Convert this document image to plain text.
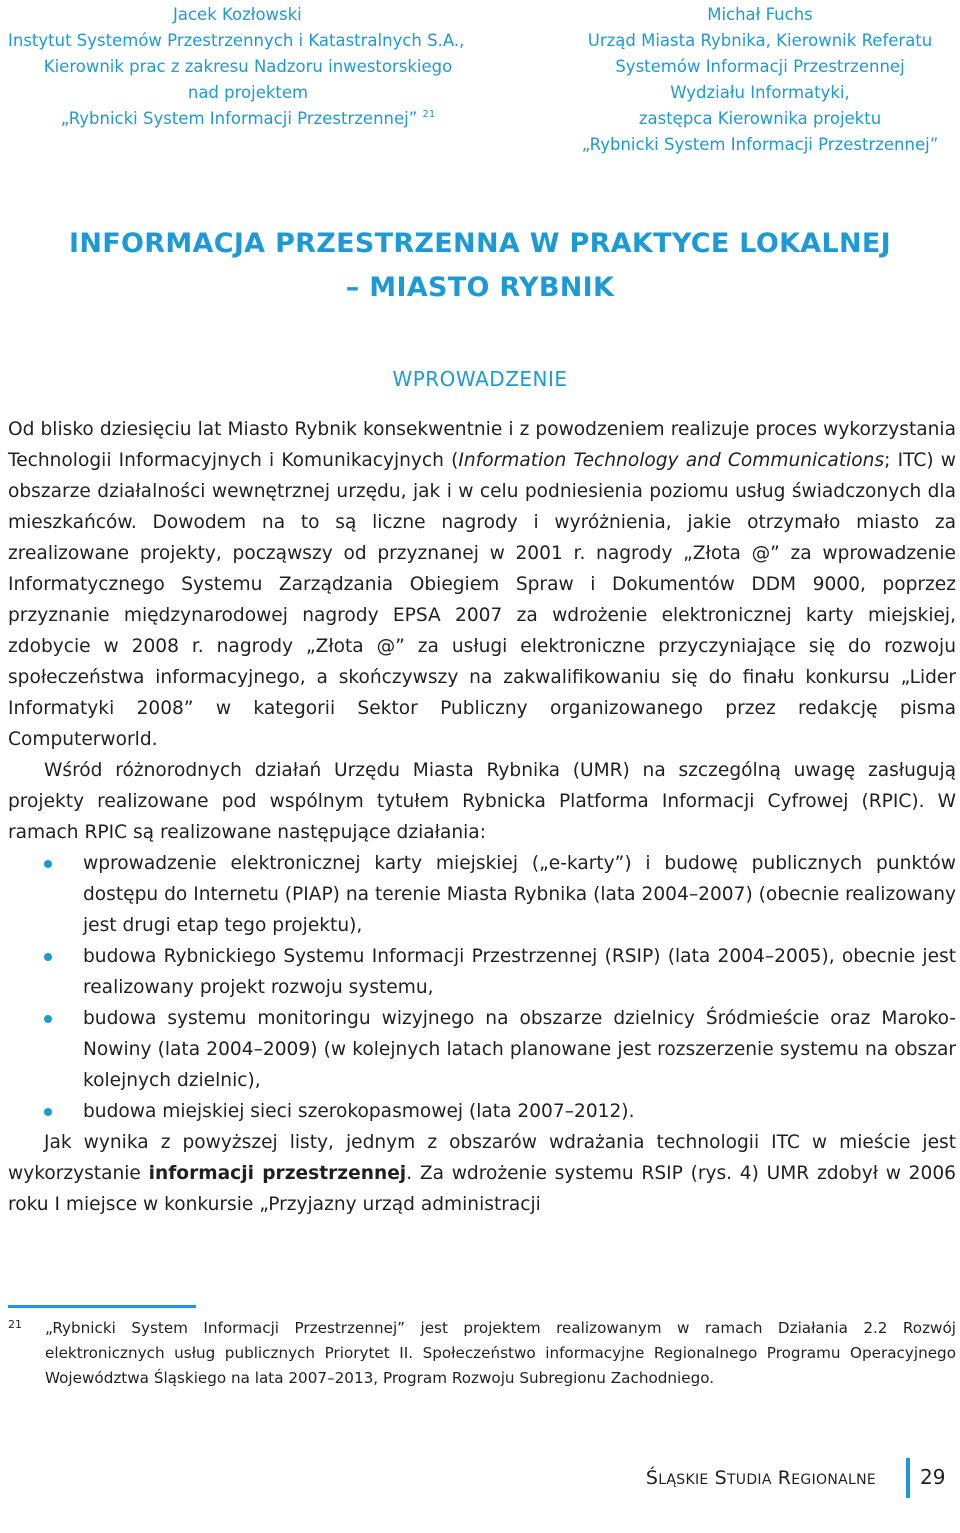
Jacek Kozłowski
Instytut Systemów Przestrzennych i Katastralnych S.A.,
Kierownik prac z zakresu Nadzoru inwestorskiego
nad projektem
„Rybnicki System Informacji Przestrzennej” $^{21}$
Michał Fuchs
Urząd Miasta Rybnika, Kierownik Referatu
Systemów Informacji Przestrzennej
Wydziału Informatyki,
zastępca Kierownika projektu
„Rybnicki System Informacji Przestrzennej”
INFORMACJA PRZESTRZENNA W PRAKTYCE LOKALNEJ
– MIASTO RYBNIK
WPROWADZENIE

Od blisko dziesięciu lat Miasto Rybnik konsekwentnie i z powodzeniem realizuje proces wykorzystania Technologii Informacyjnych i Komunikacyjnych (Information Technology and Communications; ITC) w obszarze działalności wewnętrznej urzędu, jak i w celu podniesienia poziomu usług świadczonych dla mieszkańców. Dowodem na to są liczne nagrody i wyróżnienia, jakie otrzymało miasto za zrealizowane projekty, począwszy od przyznanej w 2001 r. nagrody „Złota @” za wprowadzenie Informatycznego Systemu Zarządzania Obiegiem Spraw i Dokumentów DDM 9000, poprzez przyznanie międzynarodowej nagrody EPSA 2007 za wdrożenie elektronicznej karty miejskiej, zdobycie w 2008 r. nagrody „Złota @” za usługi elektroniczne przyczyniające się do rozwoju społeczeństwa informacyjnego, a skończywszy na zakwalifikowaniu się do finału konkursu „Lider Informatyki 2008” w kategorii Sektor Publiczny organizowanego przez redakcję pisma Computerworld.

Wśród różnorodnych działań Urzędu Miasta Rybnika (UMR) na szczególną uwagę zasługują projekty realizowane pod wspólnym tytułem Rybnicka Platforma Informacji Cyfrowej (RPIC). W ramach RPIC są realizowane następujące działania:

wprowadzenie elektronicznej karty miejskiej („e-karty”) i budowę publicznych punktów dostępu do Internetu (PIAP) na terenie Miasta Rybnika (lata 2004–2007) (obecnie realizowany jest drugi etap tego projektu),
budowa Rybnickiego Systemu Informacji Przestrzennej (RSIP) (lata 2004–2005), obecnie jest realizowany projekt rozwoju systemu,
budowa systemu monitoringu wizyjnego na obszarze dzielnicy Śródmieście oraz Maroko-Nowiny (lata 2004–2009) (w kolejnych latach planowane jest rozszerzenie systemu na obszar kolejnych dzielnic),
budowa miejskiej sieci szerokopasmowej (lata 2007–2012).

Jak wynika z powyższej listy, jednym z obszarów wdrażania technologii ITC w mieście jest wykorzystanie informacji przestrzennej. Za wdrożenie systemu RSIP (rys. 4) UMR zdobył w 2006 roku I miejsce w konkursie „Przyjazny urząd administracji

21	„Rybnicki System Informacji Przestrzennej” jest projektem realizowanym w ramach Działania 2.2 Rozwój elektronicznych usług publicznych Priorytet II. Społeczeństwo informacyjne Regionalnego Programu Operacyjnego Województwa Śląskiego na lata 2007–2013, Program Rozwoju Subregionu Zachodniego.
ŚLĄSKIE STUDIA REGIONALNE 29
